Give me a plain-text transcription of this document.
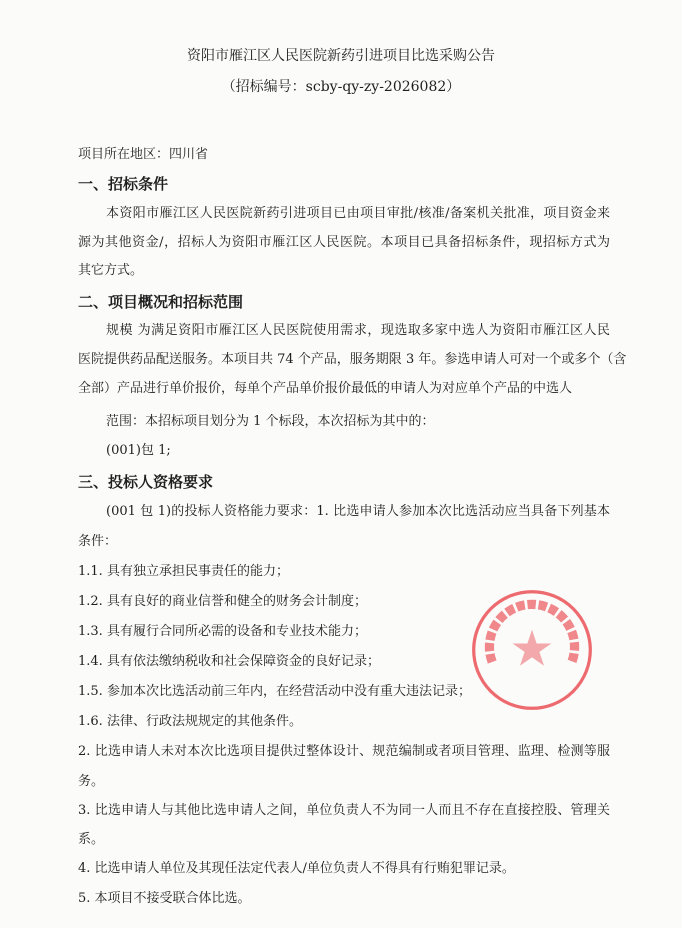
资阳市雁江区人民医院新药引进项目比选采购公告
（招标编号：scby-qy-zy-2026082）
项目所在地区：四川省
一、招标条件
本资阳市雁江区人民医院新药引进项目已由项目审批/核准/备案机关批准，项目资金来
源为其他资金/，招标人为资阳市雁江区人民医院。本项目已具备招标条件，现招标方式为
其它方式。
二、项目概况和招标范围
规模 为满足资阳市雁江区人民医院使用需求，现选取多家中选人为资阳市雁江区人民
医院提供药品配送服务。本项目共 74 个产品，服务期限 3 年。参选申请人可对一个或多个（含
全部）产品进行单价报价，每单个产品单价报价最低的申请人为对应单个产品的中选人
范围：本招标项目划分为 1 个标段，本次招标为其中的：
(001)包 1;
三、投标人资格要求
(001 包 1)的投标人资格能力要求：1. 比选申请人参加本次比选活动应当具备下列基本
条件：
1.1. 具有独立承担民事责任的能力；
1.2. 具有良好的商业信誉和健全的财务会计制度；
1.3. 具有履行合同所必需的设备和专业技术能力；
1.4. 具有依法缴纳税收和社会保障资金的良好记录；
1.5. 参加本次比选活动前三年内，在经营活动中没有重大违法记录；
1.6. 法律、行政法规规定的其他条件。
2. 比选申请人未对本次比选项目提供过整体设计、规范编制或者项目管理、监理、检测等服
务。
3. 比选申请人与其他比选申请人之间，单位负责人不为同一人而且不存在直接控股、管理关
系。
4. 比选申请人单位及其现任法定代表人/单位负责人不得具有行贿犯罪记录。
5. 本项目不接受联合体比选。
